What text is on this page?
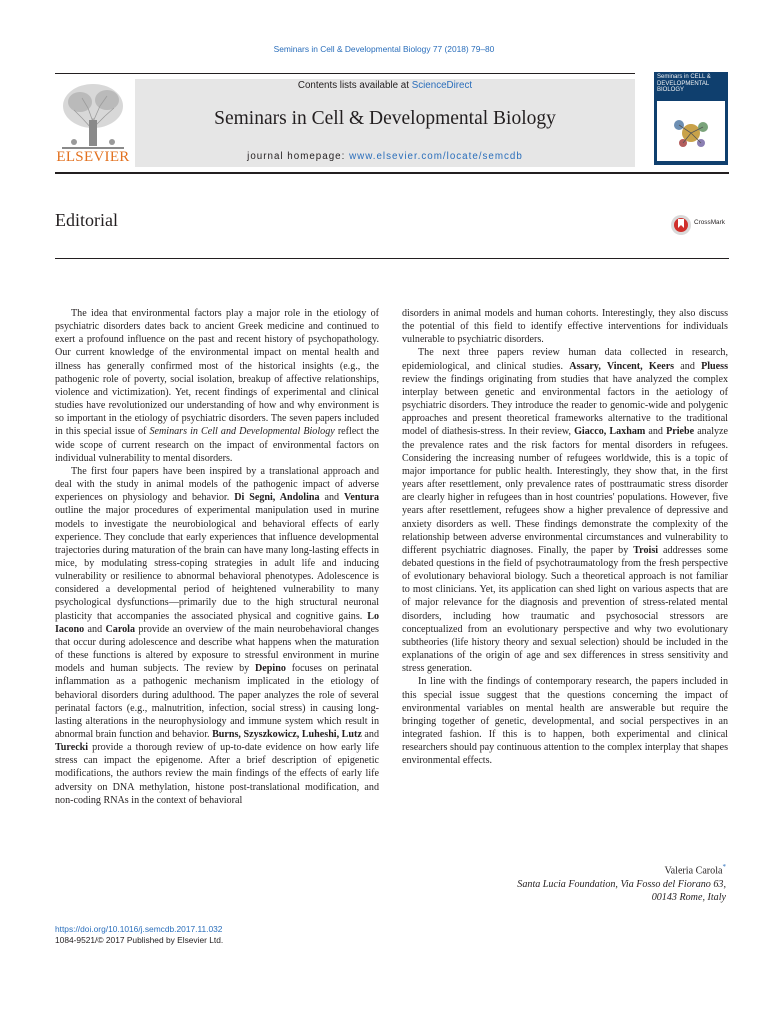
Seminars in Cell & Developmental Biology 77 (2018) 79–80
ELSEVIER
Contents lists available at ScienceDirect
Seminars in Cell & Developmental Biology
journal homepage: www.elsevier.com/locate/semcdb
Seminars in CELL & DEVELOPMENTAL BIOLOGY
Editorial	CrossMark

The idea that environmental factors play a major role in the etiology of psychiatric disorders dates back to ancient Greek medicine and continued to exert a profound influence on the past and recent history of psychopathology. Our current knowledge of the environmental impact on mental health and illness has generally confirmed most of the historical insights (e.g., the pathogenic role of poverty, social isolation, breakup of affective relationships, violence and victimization). Yet, recent findings of experimental and clinical studies have revolutionized our understanding of how and why environment is so important in the etiology of psychiatric disorders. The seven papers included in this special issue of Seminars in Cell and Developmental Biology reflect the wide scope of current research on the impact of environmental factors on individual vulnerability to mental disorders.

The first four papers have been inspired by a translational approach and deal with the study in animal models of the pathogenic impact of adverse experiences on physiology and behavior. Di Segni, Andolina and Ventura outline the major procedures of experimental manipulation used in murine models to investigate the neurobiological and behavioral effects of early experience. They conclude that early experiences that influence developmental trajectories during maturation of the brain can have many long-lasting effects in mice, by modulating stress-coping strategies in adult life and inducing vulnerability or resilience to abnormal behavioral phenotypes. Adolescence is considered a developmental period of heightened vulnerability to many psychological dysfunctions—primarily due to the high structural neuronal plasticity that accompanies the associated physical and cognitive gains. Lo Iacono and Carola provide an overview of the main neurobehavioral changes that occur during adolescence and describe what happens when the maturation of these functions is altered by exposure to stressful environment in murine models and human subjects. The review by Depino focuses on perinatal inflammation as a pathogenic mechanism implicated in the etiology of behavioral disorders during adulthood. The paper analyzes the role of several perinatal factors (e.g., malnutrition, infection, social stress) in causing long-lasting alterations in the neurophysiology and immune system which result in abnormal brain function and behavior. Burns, Szyszkowicz, Luheshi, Lutz and Turecki provide a thorough review of up-to-date evidence on how early life stress can impact the epigenome. After a brief description of epigenetic modifications, the authors review the main findings of the effects of early life adversity on DNA methylation, histone post-translational modification, and non-coding RNAs in the context of behavioral

disorders in animal models and human cohorts. Interestingly, they also discuss the potential of this field to identify effective interventions for individuals vulnerable to psychiatric disorders.

The next three papers review human data collected in research, epidemiological, and clinical studies. Assary, Vincent, Keers and Pluess review the findings originating from studies that have analyzed the complex interplay between genetic and environmental factors in the aetiology of psychiatric disorders. They introduce the reader to genomic-wide and polygenic approaches and present theoretical frameworks alternative to the traditional model of diathesis-stress. In their review, Giacco, Laxham and Priebe analyze the prevalence rates and the risk factors for mental disorders in refugees. Considering the increasing number of refugees worldwide, this is a topic of major importance for public health. Interestingly, they show that, in the first years after resettlement, only prevalence rates of posttraumatic stress disorder are clearly higher in refugees than in host countries' populations. However, five years after resettlement, refugees show a higher prevalence of depressive and anxiety disorders as well. These findings demonstrate the complexity of the relationship between adverse environmental circumstances and vulnerability to different psychiatric diagnoses. Finally, the paper by Troisi addresses some debated questions in the field of psychotraumatology from the fresh perspective of evolutionary behavioral biology. Such a theoretical approach is not familiar to most clinicians. Yet, its application can shed light on various aspects that are of major relevance for the diagnosis and prevention of stress-related mental disorders, including how traumatic and psychosocial stressors are conceptualized from an evolutionary perspective and why two evolutionary subtheories (life history theory and sexual selection) should be included in the explanations of the origin of age and sex differences in stress sensitivity and stress generation.

In line with the findings of contemporary research, the papers included in this special issue suggest that the questions concerning the impact of environmental variables on mental health are answerable but require the bringing together of genetic, developmental, and social perspectives in an integrated fashion. If this is to happen, both experimental and clinical researchers should pay continuous attention to the complex interplay that shapes environmental effects.

Valeria Carola*
Santa Lucia Foundation, Via Fosso del Fiorano 63,
00143 Rome, Italy
https://doi.org/10.1016/j.semcdb.2017.11.032
1084-9521/© 2017 Published by Elsevier Ltd.
